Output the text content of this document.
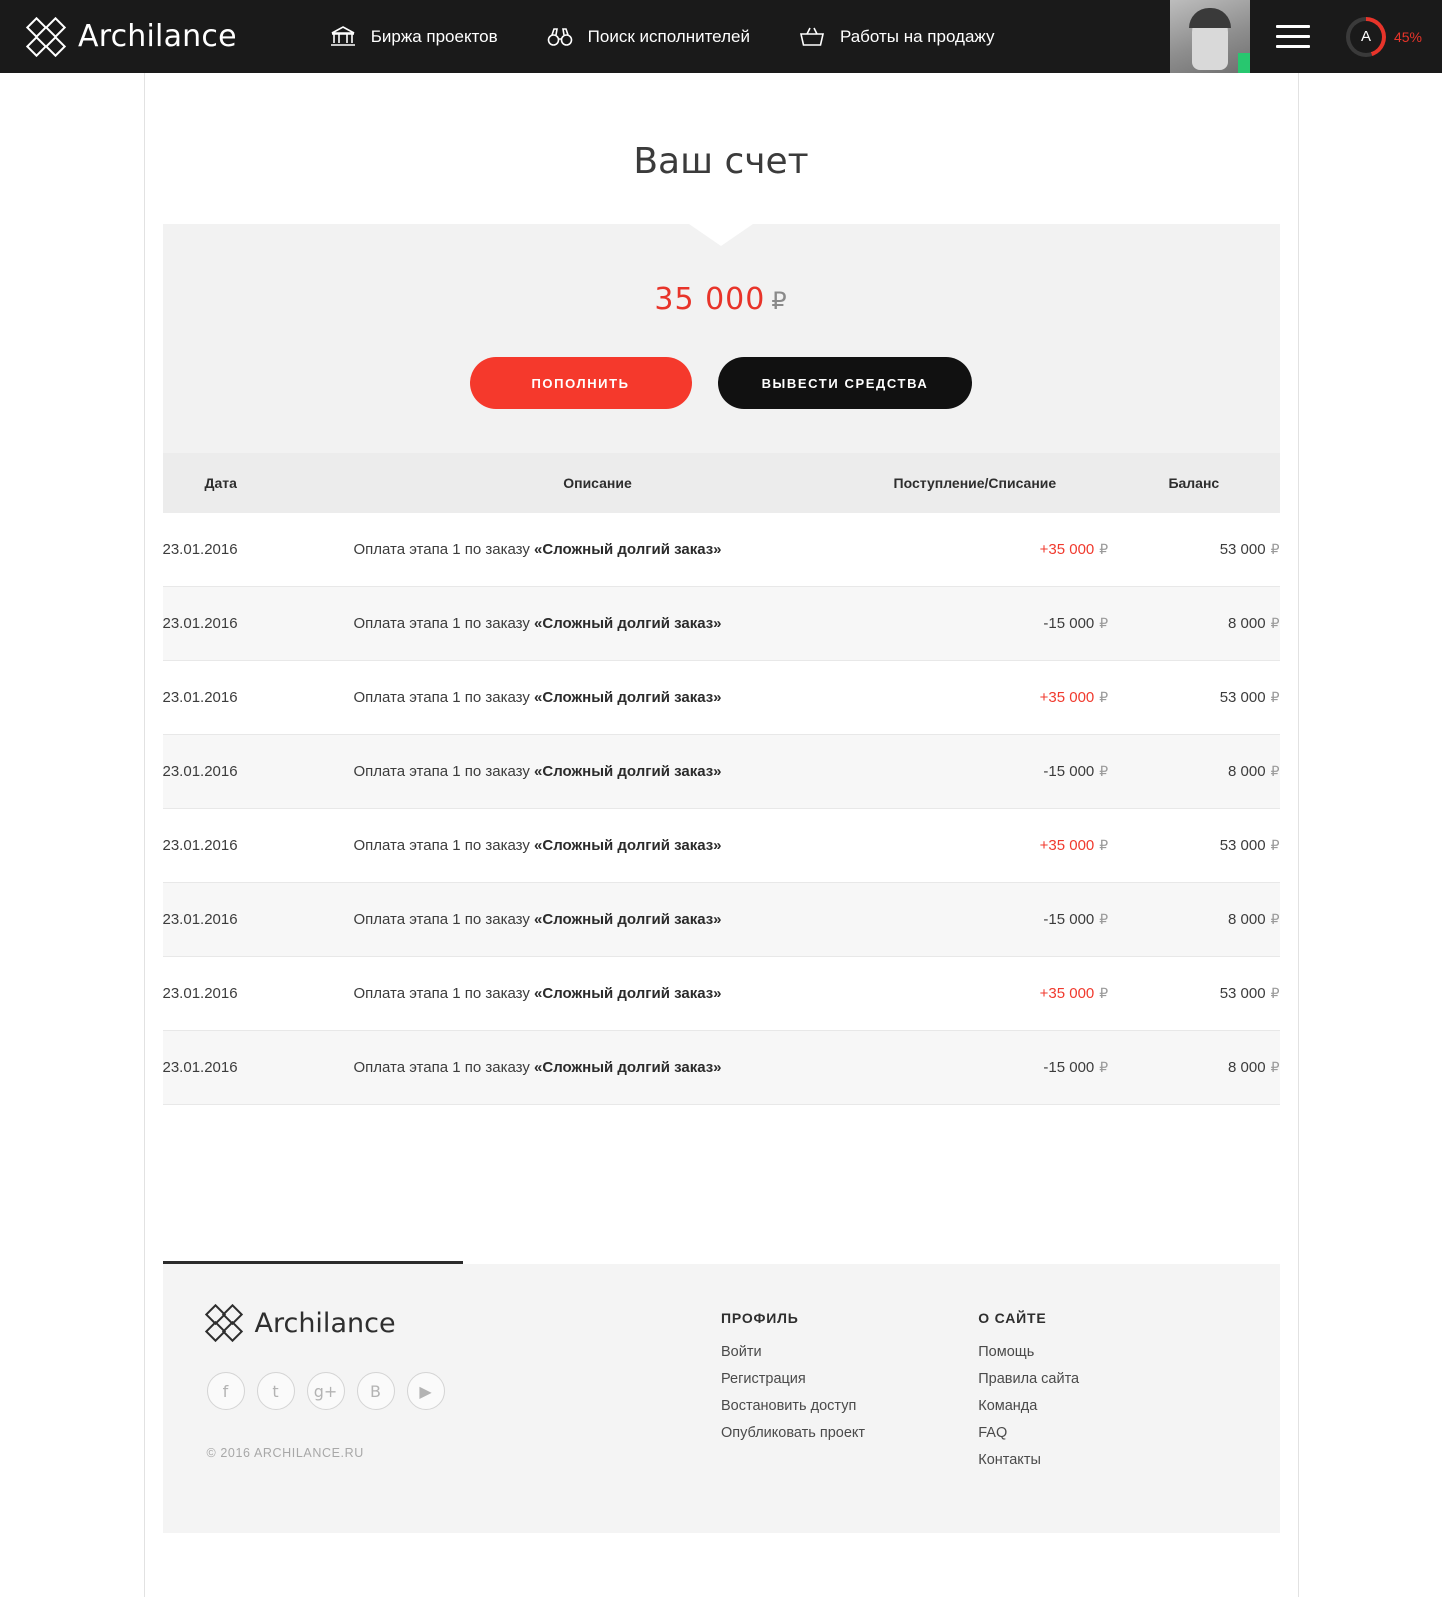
Archilance	Биржа проектов	Поиск исполнителей	Работы на продажу	A	45%
Ваш счет
35 000 ₽
ПОПОЛНИТЬ	ВЫВЕСТИ СРЕДСТВА
Дата	Описание	Поступление/Списание	Баланс
23.01.2016	Оплата этапа 1 по заказу «Сложный долгий заказ»	+35 000 ₽	53 000 ₽
23.01.2016	Оплата этапа 1 по заказу «Сложный долгий заказ»	-15 000 ₽	8 000 ₽
23.01.2016	Оплата этапа 1 по заказу «Сложный долгий заказ»	+35 000 ₽	53 000 ₽
23.01.2016	Оплата этапа 1 по заказу «Сложный долгий заказ»	-15 000 ₽	8 000 ₽
23.01.2016	Оплата этапа 1 по заказу «Сложный долгий заказ»	+35 000 ₽	53 000 ₽
23.01.2016	Оплата этапа 1 по заказу «Сложный долгий заказ»	-15 000 ₽	8 000 ₽
23.01.2016	Оплата этапа 1 по заказу «Сложный долгий заказ»	+35 000 ₽	53 000 ₽
23.01.2016	Оплата этапа 1 по заказу «Сложный долгий заказ»	-15 000 ₽	8 000 ₽
Archilance
f	t	g+	B	▶
© 2016 ARCHILANCE.RU
ПРОФИЛЬ
Войти
Регистрация
Востановить доступ
Опубликовать проект
О САЙТЕ
Помощь
Правила сайта
Команда
FAQ
Контакты
